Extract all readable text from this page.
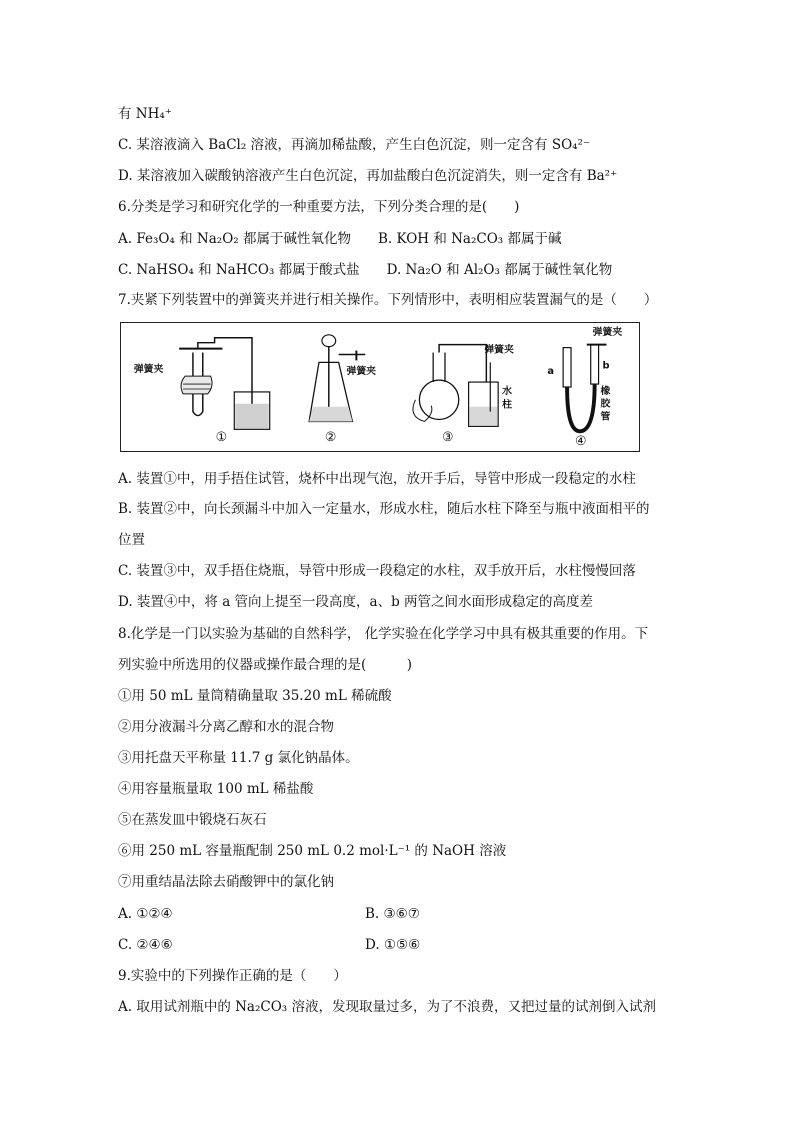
有 NH₄⁺
C. 某溶液滴入 BaCl₂ 溶液，再滴加稀盐酸，产生白色沉淀，则一定含有 SO₄²⁻
D. 某溶液加入碳酸钠溶液产生白色沉淀，再加盐酸白色沉淀消失，则一定含有 Ba²⁺
6.分类是学习和研究化学的一种重要方法，下列分类合理的是(　　)
A. Fe₃O₄ 和 Na₂O₂ 都属于碱性氧化物　　B. KOH 和 Na₂CO₃ 都属于碱
C. NaHSO₄ 和 NaHCO₃ 都属于酸式盐　　D. Na₂O 和 Al₂O₃ 都属于碱性氧化物
7.夹紧下列装置中的弹簧夹并进行相关操作。下列情形中，表明相应装置漏气的是（　　）
A. 装置①中，用手捂住试管，烧杯中出现气泡，放开手后，导管中形成一段稳定的水柱
B. 装置②中，向长颈漏斗中加入一定量水，形成水柱，随后水柱下降至与瓶中液面相平的
位置
C. 装置③中，双手捂住烧瓶，导管中形成一段稳定的水柱，双手放开后，水柱慢慢回落
D. 装置④中，将 a 管向上提至一段高度，a、b 两管之间水面形成稳定的高度差
8.化学是一门以实验为基础的自然科学， 化学实验在化学学习中具有极其重要的作用。下
列实验中所选用的仪器或操作最合理的是(　　　)
①用 50 mL 量筒精确量取 35.20 mL 稀硫酸
②用分液漏斗分离乙醇和水的混合物
③用托盘天平称量 11.7 g 氯化钠晶体。
④用容量瓶量取 100 mL 稀盐酸
⑤在蒸发皿中锻烧石灰石
⑥用 250 mL 容量瓶配制 250 mL 0.2 mol·L⁻¹ 的 NaOH 溶液
⑦用重结晶法除去硝酸钾中的氯化钠
A. ①②④
C. ②④⑥
9.实验中的下列操作正确的是（　　）
A. 取用试剂瓶中的 Na₂CO₃ 溶液，发现取量过多，为了不浪费，又把过量的试剂倒入试剂
弹簧夹
①
弹簧夹
②
弹簧夹
水
柱
③
弹簧夹
a
b
橡
胶
管
④
B. ③⑥⑦
D. ①⑤⑥
